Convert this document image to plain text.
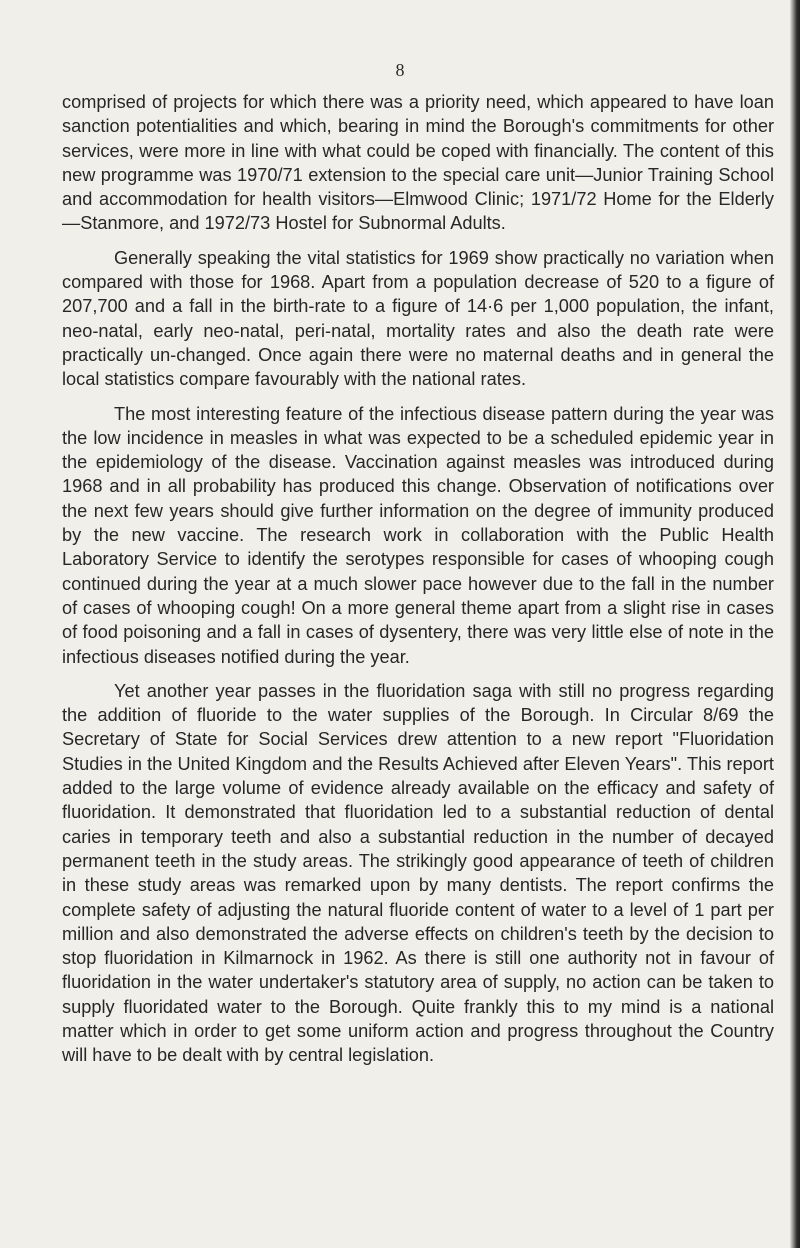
8

comprised of projects for which there was a priority need, which appeared to have loan sanction potentialities and which, bearing in mind the Borough's commitments for other services, were more in line with what could be coped with financially. The content of this new programme was 1970/71 extension to the special care unit—Junior Training School and accommodation for health visitors—Elmwood Clinic; 1971/72 Home for the Elderly—Stanmore, and 1972/73 Hostel for Subnormal Adults.

Generally speaking the vital statistics for 1969 show practically no variation when compared with those for 1968. Apart from a population decrease of 520 to a figure of 207,700 and a fall in the birth-rate to a figure of 14·6 per 1,000 population, the infant, neo-natal, early neo-natal, peri-natal, mortality rates and also the death rate were practically un-changed. Once again there were no maternal deaths and in general the local statistics compare favourably with the national rates.

The most interesting feature of the infectious disease pattern during the year was the low incidence in measles in what was expected to be a scheduled epidemic year in the epidemiology of the disease. Vaccination against measles was introduced during 1968 and in all probability has produced this change. Observation of notifications over the next few years should give further information on the degree of immunity produced by the new vaccine. The research work in collaboration with the Public Health Laboratory Service to identify the serotypes responsible for cases of whooping cough continued during the year at a much slower pace however due to the fall in the number of cases of whooping cough! On a more general theme apart from a slight rise in cases of food poisoning and a fall in cases of dysentery, there was very little else of note in the infectious diseases notified during the year.

Yet another year passes in the fluoridation saga with still no progress regarding the addition of fluoride to the water supplies of the Borough. In Circular 8/69 the Secretary of State for Social Services drew attention to a new report "Fluoridation Studies in the United Kingdom and the Results Achieved after Eleven Years". This report added to the large volume of evidence already available on the efficacy and safety of fluoridation. It demonstrated that fluoridation led to a substantial reduction of dental caries in temporary teeth and also a substantial reduction in the number of decayed permanent teeth in the study areas. The strikingly good appearance of teeth of children in these study areas was remarked upon by many dentists. The report confirms the complete safety of adjusting the natural fluoride content of water to a level of 1 part per million and also demonstrated the adverse effects on children's teeth by the decision to stop fluoridation in Kilmarnock in 1962. As there is still one authority not in favour of fluoridation in the water undertaker's statutory area of supply, no action can be taken to supply fluoridated water to the Borough. Quite frankly this to my mind is a national matter which in order to get some uniform action and progress throughout the Country will have to be dealt with by central legislation.
